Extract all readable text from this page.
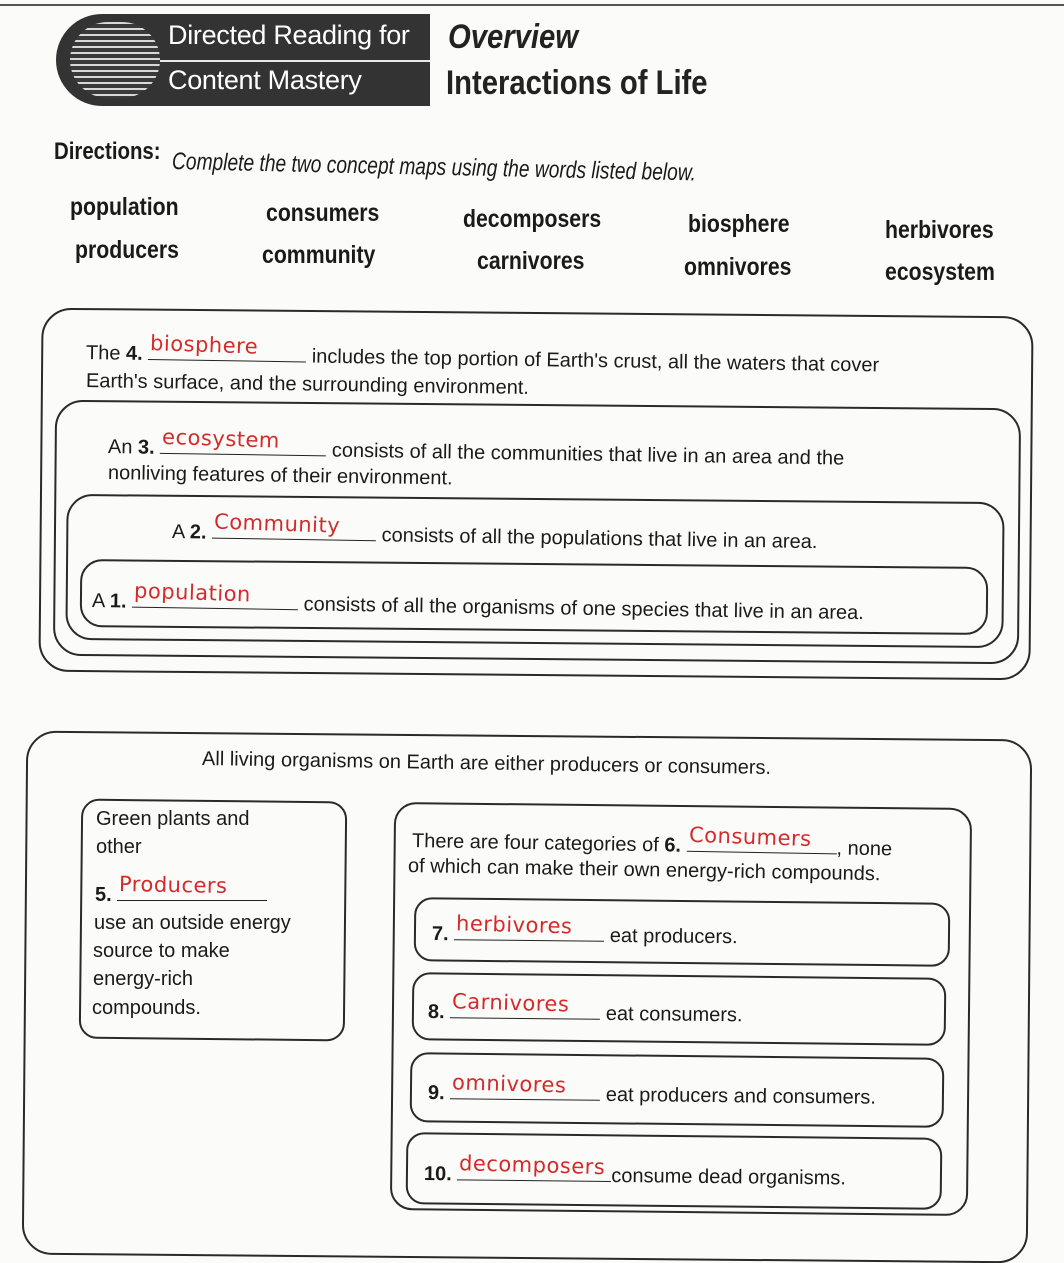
Directed Reading for
Content Mastery
Overview
Interactions of Life
Directions: Complete the two concept maps using the words listed below.
population	consumers	decomposers	biosphere	herbivores
producers	community	carnivores	omnivores	ecosystem
The 4. biosphere
includes the top portion of Earth's crust, all the waters that cover
Earth's surface, and the surrounding environment.
An 3. ecosystem
consists of all the communities that live in an area and the
nonliving features of their environment.
A 2. Community
consists of all the populations that live in an area.
A 1. population
consists of all the organisms of one species that live in an area.
All living organisms on Earth are either producers or consumers.
Green plants and
other
5. Producers
use an outside energy
source to make
energy-rich
compounds.
There are four categories of 6. Consumers , none
of which can make their own energy-rich compounds.
7. herbivores eat producers.
8. Carnivores eat consumers.
9. omnivores eat producers and consumers.
10. decomposers consume dead organisms.
